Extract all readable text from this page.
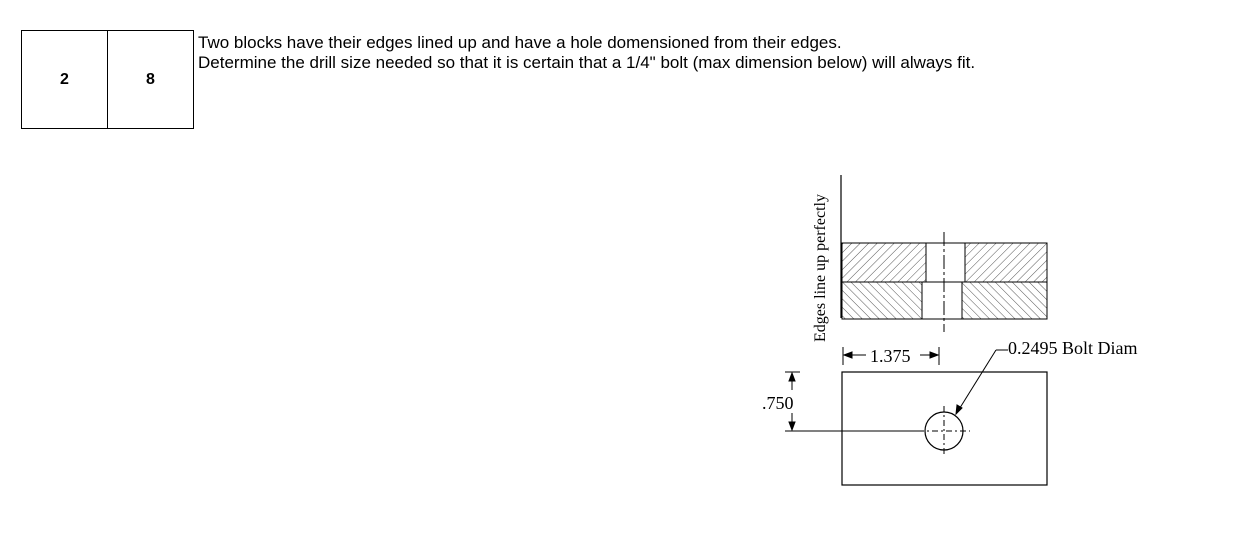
2	8
Two blocks have their edges lined up and have a hole domensioned from their edges.
Determine the drill size needed so that it is certain that a 1/4" bolt (max dimension below) will always fit.
Edges line up perfectly
1.375	0.2495 Bolt Diam
.750
